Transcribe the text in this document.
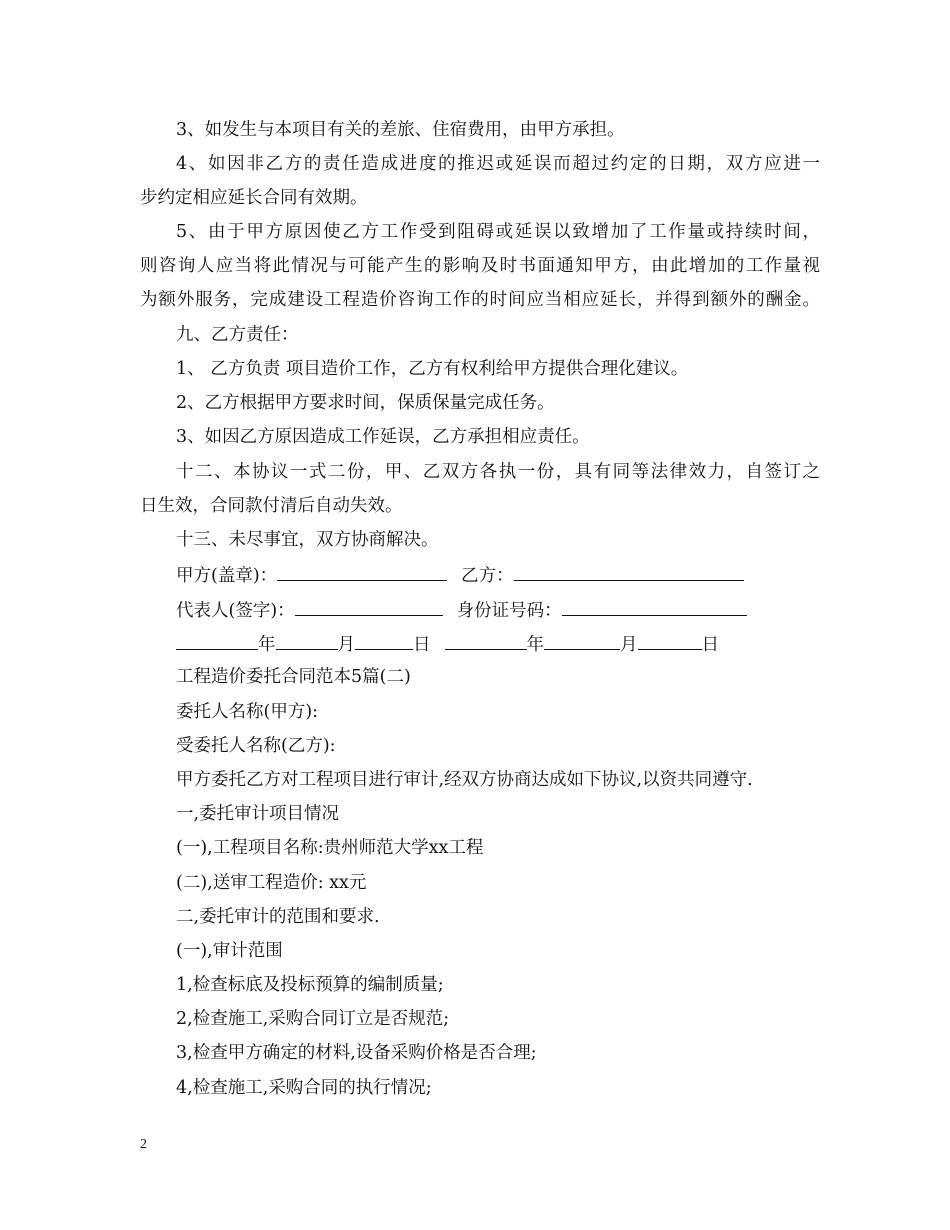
3、如发生与本项目有关的差旅、住宿费用，由甲方承担。
4、如因非乙方的责任造成进度的推迟或延误而超过约定的日期，双方应进一
步约定相应延长合同有效期。
5、由于甲方原因使乙方工作受到阻碍或延误以致增加了工作量或持续时间，
则咨询人应当将此情况与可能产生的影响及时书面通知甲方，由此增加的工作量视
为额外服务，完成建设工程造价咨询工作的时间应当相应延长，并得到额外的酬金。
九、乙方责任：
1、 乙方负责 项目造价工作，乙方有权利给甲方提供合理化建议。
2、乙方根据甲方要求时间，保质保量完成任务。
3、如因乙方原因造成工作延误，乙方承担相应责任。
十二、本协议一式二份，甲、乙双方各执一份，具有同等法律效力，自签订之
日生效，合同款付清后自动失效。
十三、未尽事宜，双方协商解决。
甲方(盖章)：	乙方：
代表人(签字)：	身份证号码：
年	月	日	年	月	日
工程造价委托合同范本5篇(二)
委托人名称(甲方):
受委托人名称(乙方):
甲方委托乙方对工程项目进行审计,经双方协商达成如下协议,以资共同遵守.
一,委托审计项目情况
(一),工程项目名称:贵州师范大学xx工程
(二),送审工程造价: xx元
二,委托审计的范围和要求.
(一),审计范围
1,检查标底及投标预算的编制质量;
2,检查施工,采购合同订立是否规范;
3,检查甲方确定的材料,设备采购价格是否合理;
4,检查施工,采购合同的执行情况;
2
